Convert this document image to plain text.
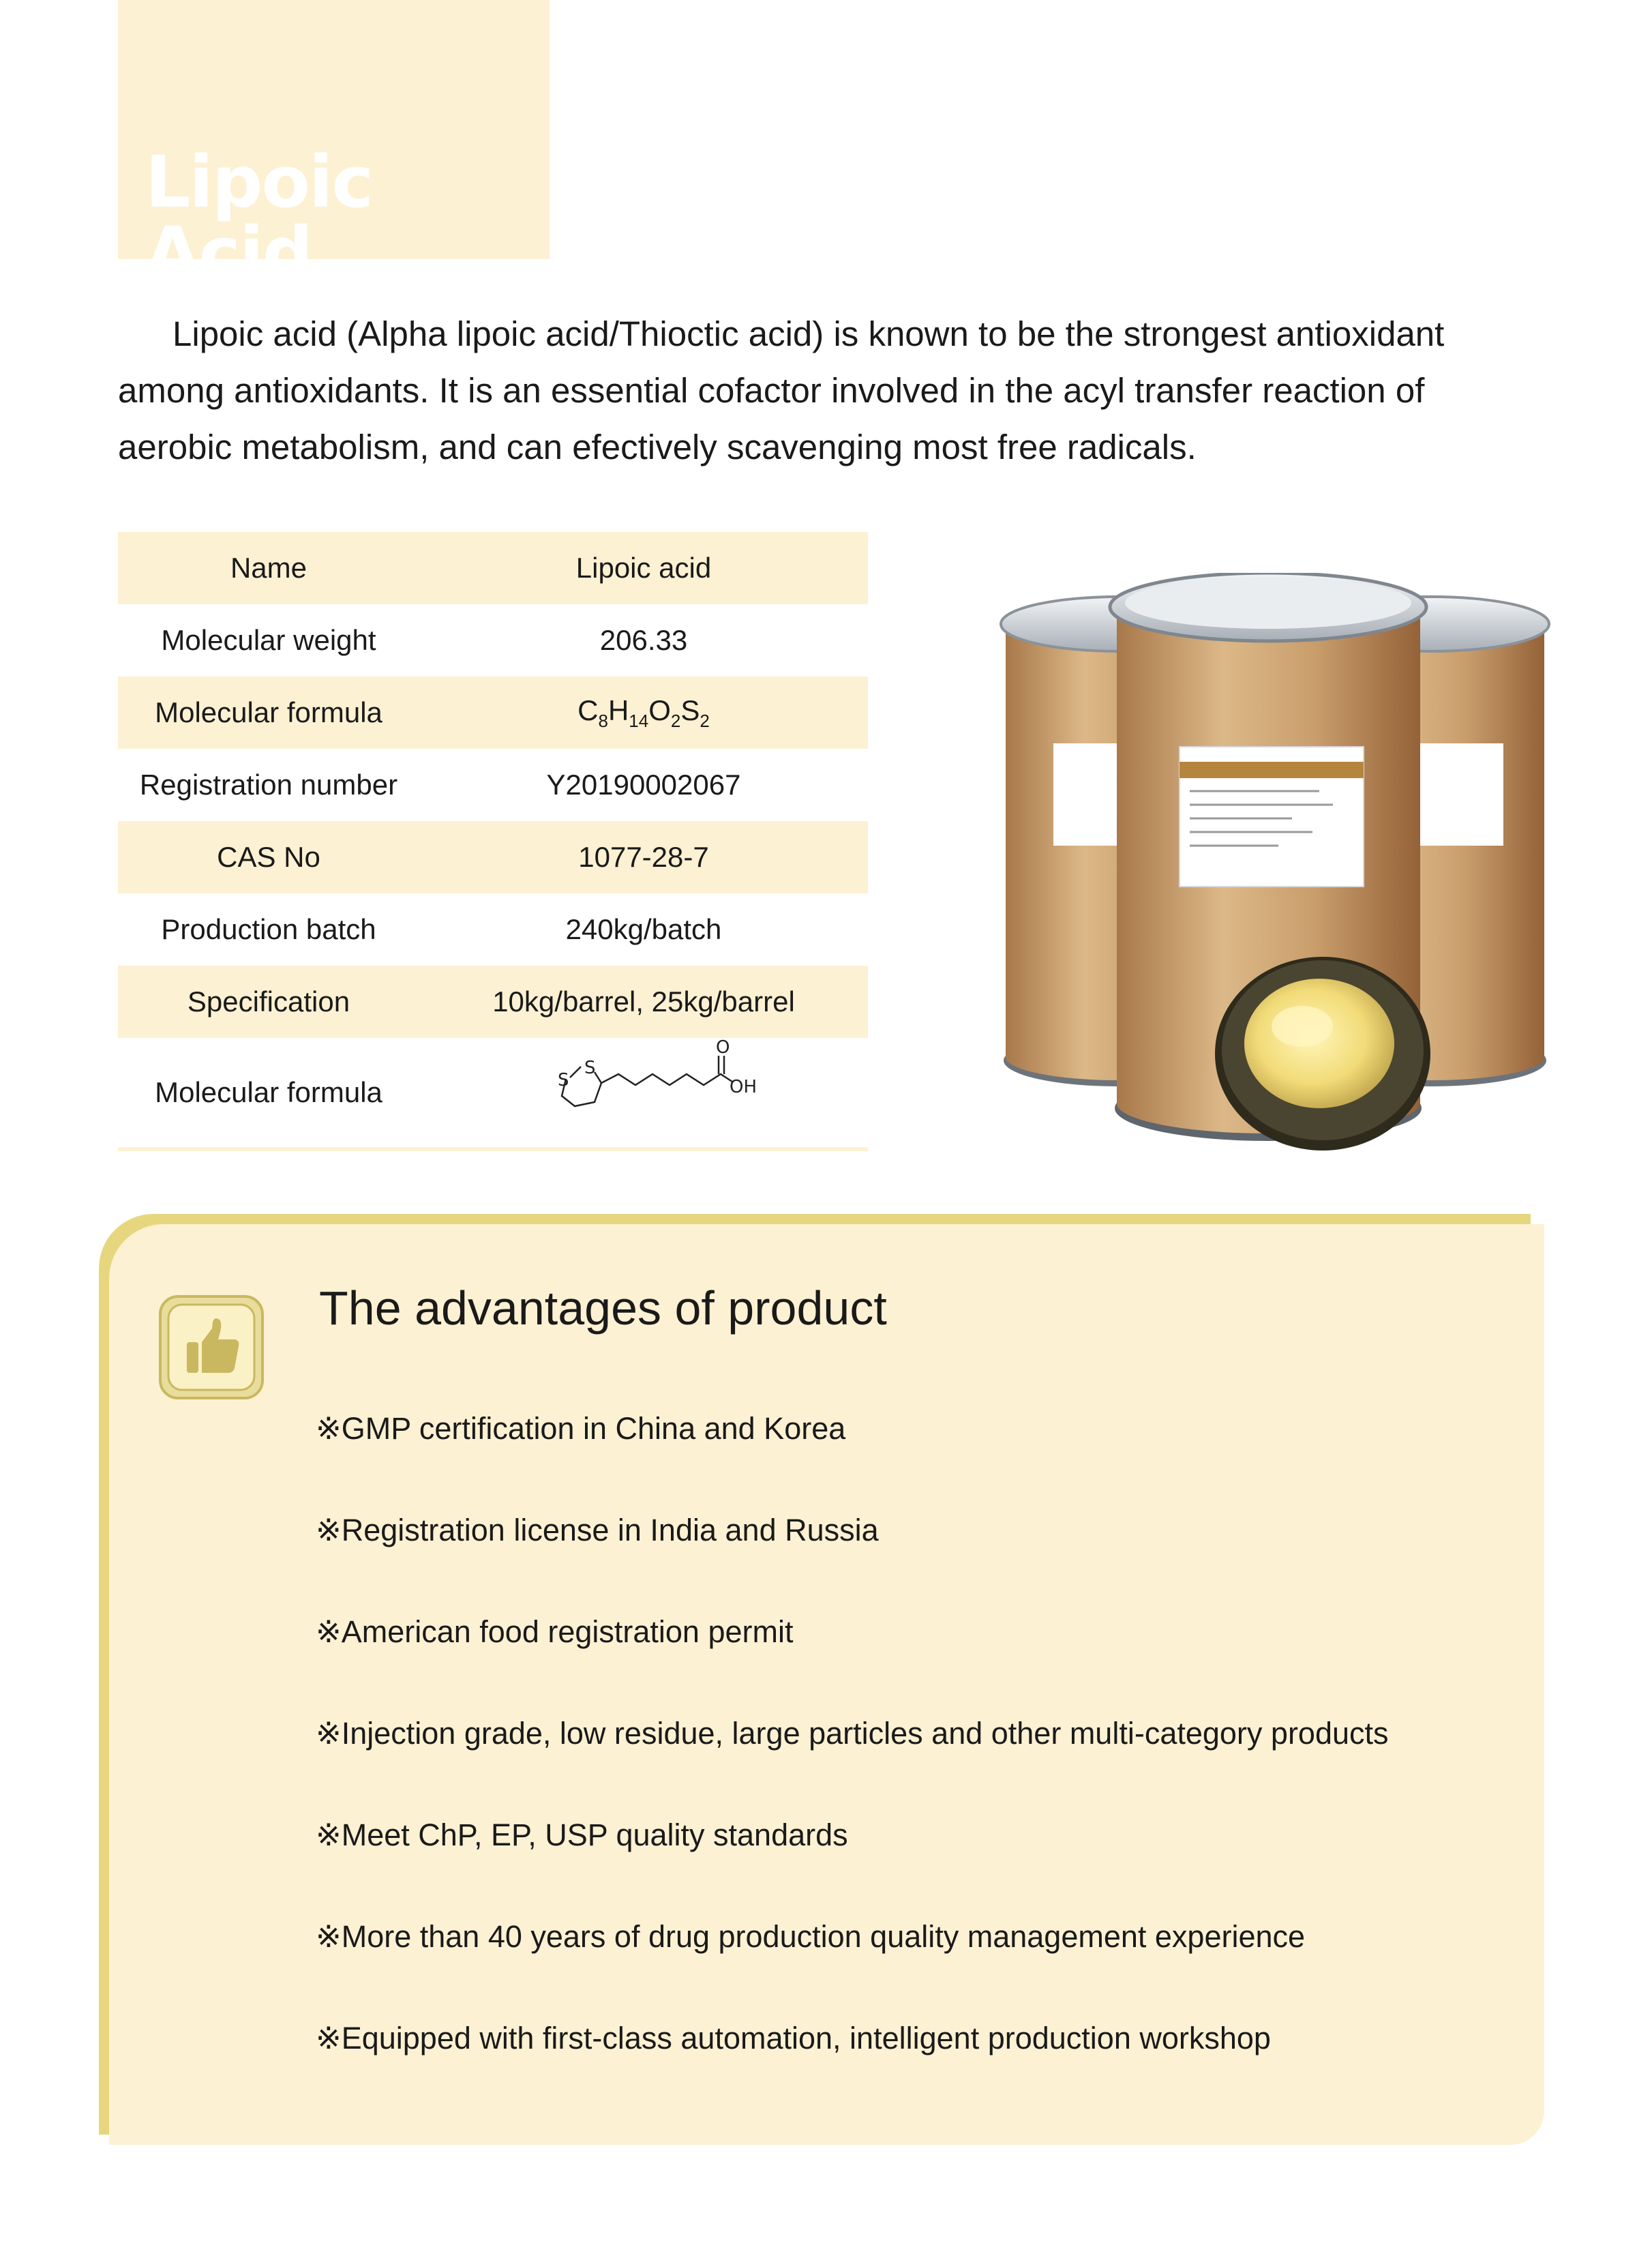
Lipoic Acid

Lipoic acid (Alpha lipoic acid/Thioctic acid) is known to be the strongest antioxidant among antioxidants. It is an essential cofactor involved in the acyl transfer reaction of aerobic metabolism, and can efectively scavenging most free radicals.

Name	Lipoic acid
Molecular weight	206.33
Molecular formula	$C_8H_{14}O_2S_2$
Registration number	Y20190002067
CAS No	1077-28-7
Production batch	240kg/batch
Specification	10kg/barrel, 25kg/barrel
Molecular formula	S
S
O
OH
The advantages of product
※GMP certification in China and Korea
※Registration license in India and Russia
※American food registration permit
※Injection grade, low residue, large particles and other multi-category products
※Meet ChP, EP, USP quality standards
※More than 40 years of drug production quality management experience
※Equipped with first-class automation, intelligent production workshop
